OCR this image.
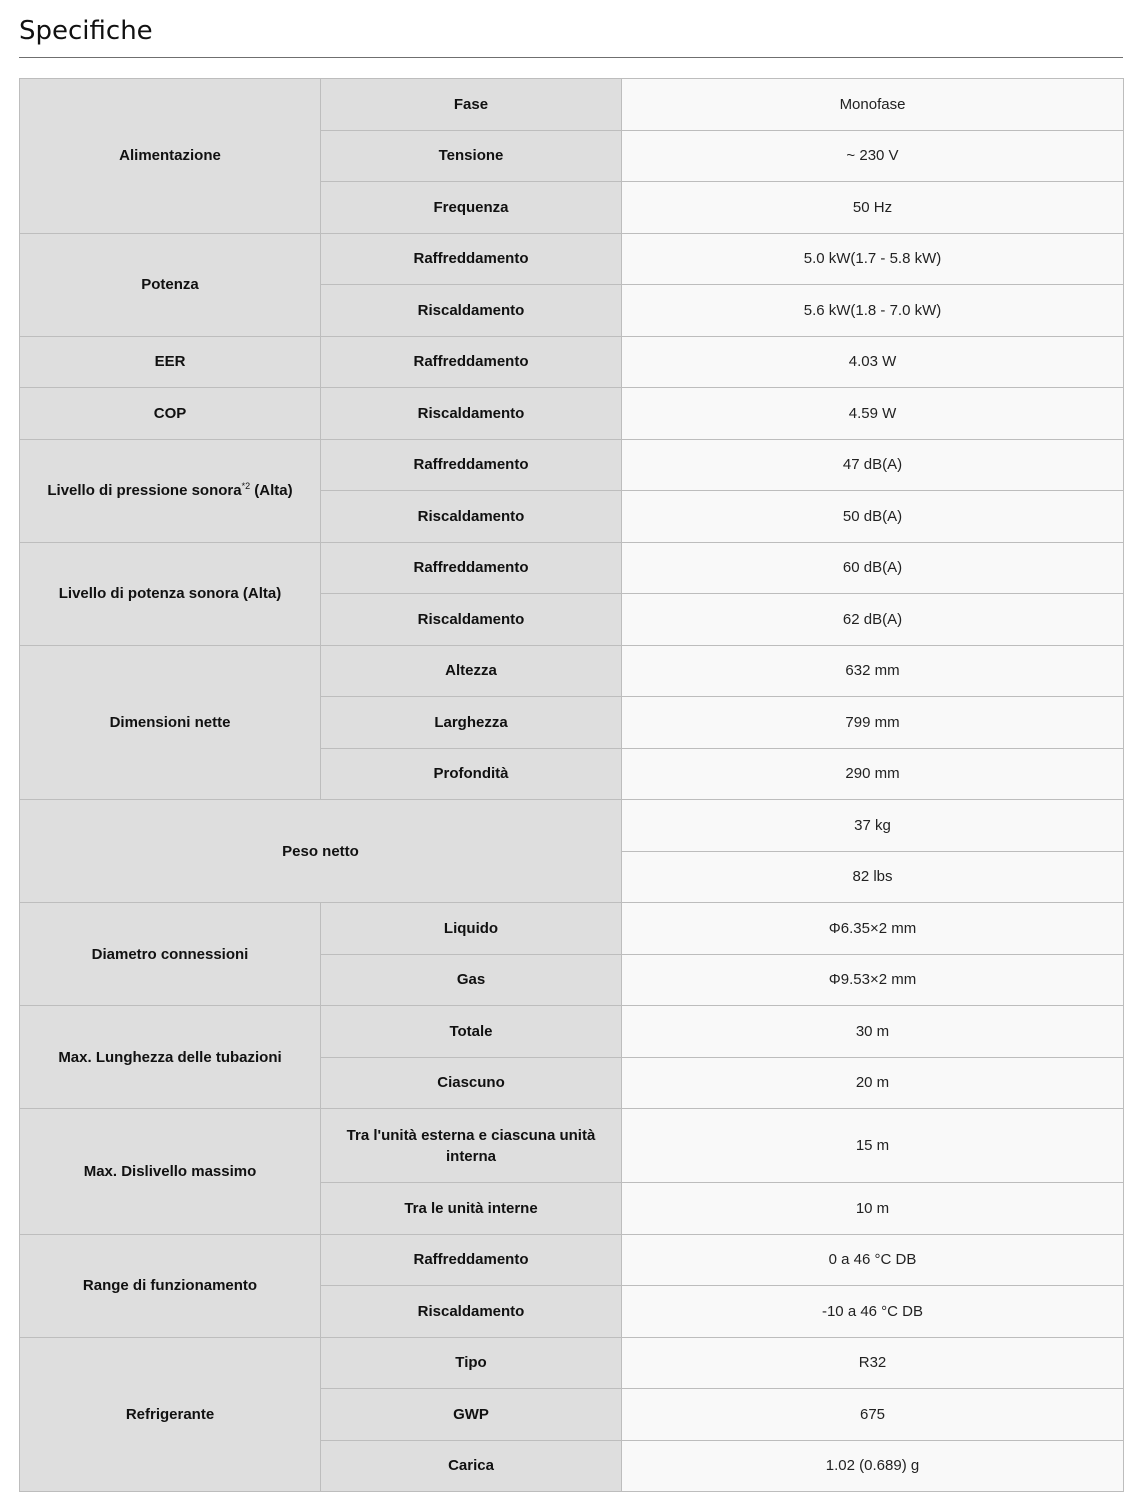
Specifiche
Alimentazione	Fase	Monofase
	Tensione	~ 230 V
	Frequenza	50 Hz
Potenza	Raffreddamento	5.0 kW(1.7 - 5.8 kW)
	Riscaldamento	5.6 kW(1.8 - 7.0 kW)
EER	Raffreddamento	4.03 W
COP	Riscaldamento	4.59 W
Livello di pressione sonora$^{*2}$ (Alta)	Raffreddamento	47 dB(A)
	Riscaldamento	50 dB(A)
Livello di potenza sonora (Alta)	Raffreddamento	60 dB(A)
	Riscaldamento	62 dB(A)
Dimensioni nette	Altezza	632 mm
	Larghezza	799 mm
	Profondità	290 mm
Peso netto		37 kg
		82 lbs
Diametro connessioni	Liquido	Φ6.35×2 mm
	Gas	Φ9.53×2 mm
Max. Lunghezza delle tubazioni	Totale	30 m
	Ciascuno	20 m
Max. Dislivello massimo	Tra l'unità esterna e ciascuna unità interna	15 m
	Tra le unità interne	10 m
Range di funzionamento	Raffreddamento	0 a 46 °C DB
	Riscaldamento	-10 a 46 °C DB
Refrigerante	Tipo	R32
	GWP	675
	Carica	1.02 (0.689) g
